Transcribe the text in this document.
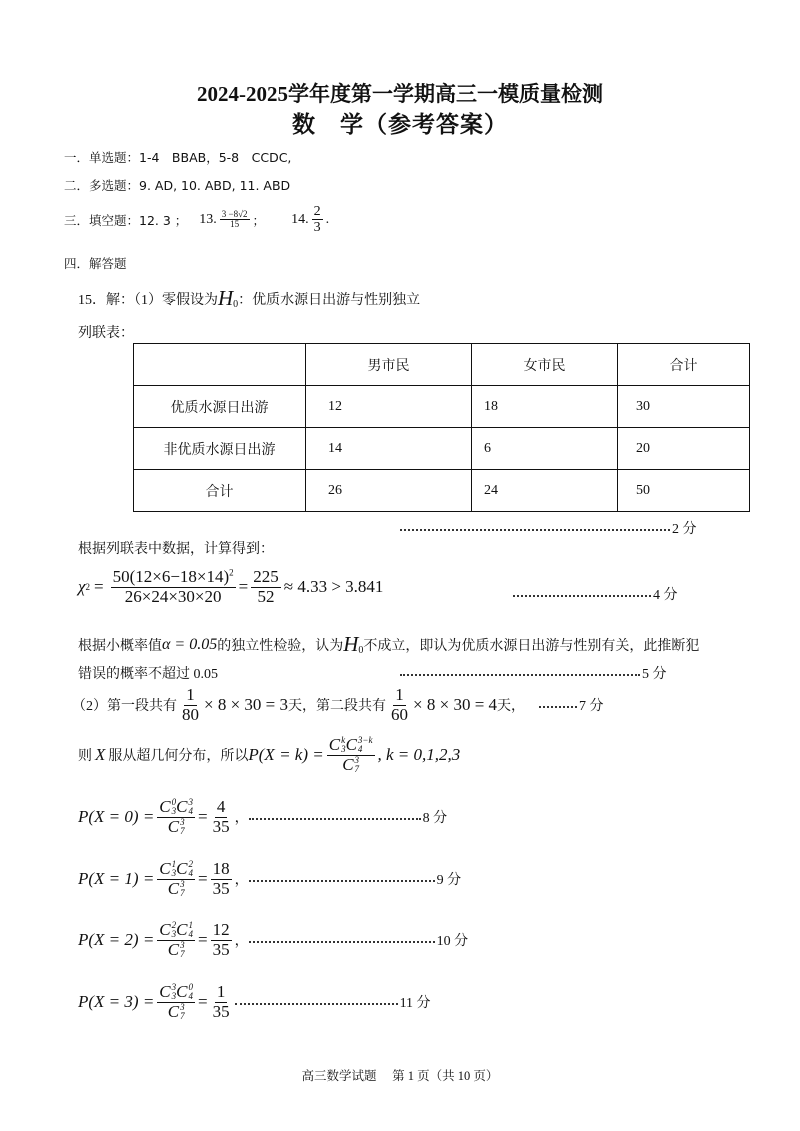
2024-2025学年度第一学期高三一模质量检测
数　学（参考答案）
一．单选题：1-4　BBAB，5-8　CCDC,
二．多选题：9. AD, 10. ABD, 11. ABD
三．填空题：12. 3 ； 13. $\frac{3 -8√2}{15}$ ； 14. $\frac{2}{3}$ .
四．解答题
15．解：（1）零假设为 H 0 ：优质水源日出游与性别独立
列联表：
	男市民	女市民	合计
优质水源日出游	12	18	30
非优质水源日出游	14	6	20
合计	26	24	50
2 分
根据列联表中数据，计算得到：
χ $2 = \frac{50(12\times 6-18\times 14)^2}{26\times 24\times 30\times 20} = \frac{225}{52} \approx 4.33 > 3.841$	4 分
根据小概率值 α = 0.05 的独立性检验，认为 H 0 不成立，即认为优质水源日出游与性别有关，此推断犯
错误的概率不超过 0.05	5 分
（2）第一段共有 $\frac{1}{80} \times 8 \times 30 = 3$ 天，第二段共有 $\frac{1}{60} \times 8 \times 30 = 4$ 天，	7 分
则 X 服从超几何分布，所以 P(X = k) = C k
3 C 3−k
4
C 3
7 , k = 0,1,2,3
P(X = 0) = C 0
3 C 3
4
C 3
$7 = \frac{4}{35}$ ，	8 分
P(X = 1) = C 1
3 C 2
4
C 3
$7 = \frac{18}{35}$ ，	9 分
P(X = 2) = C 2
3 C 1
4
C 3
$7 = \frac{12}{35}$ ，	10 分
P(X = 3) = C 3
3 C 0
4
C 3
$7 = \frac{1}{35}$	11 分
高三数学试题　 第 1 页（共 10 页）
